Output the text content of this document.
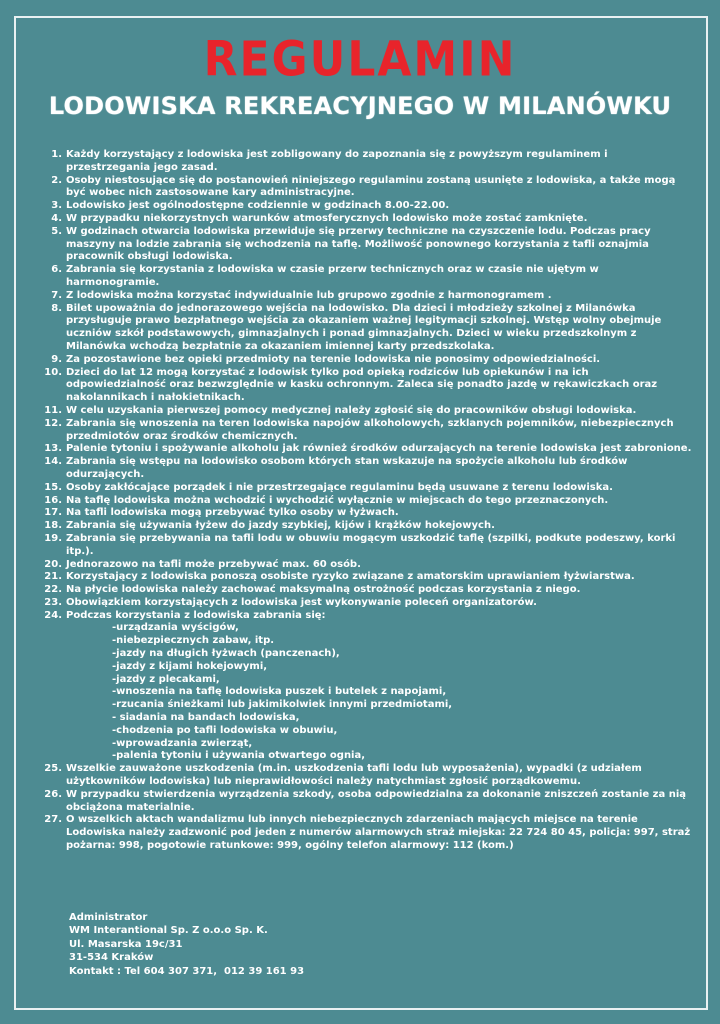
REGULAMIN
LODOWISKA REKREACYJNEGO W MILANÓWKU
1. Każdy korzystający z lodowiska jest zobligowany do zapoznania się z powyższym regulaminem i przestrzegania jego zasad.
2. Osoby niestosujące się do postanowień niniejszego regulaminu zostaną usunięte z lodowiska, a także mogą być wobec nich zastosowane kary administracyjne.
3. Lodowisko jest ogólnodostępne codziennie w godzinach 8.00-22.00.
4. W przypadku niekorzystnych warunków atmosferycznych lodowisko może zostać zamknięte.
5. W godzinach otwarcia lodowiska przewiduje się przerwy techniczne na czyszczenie lodu. Podczas pracy maszyny na lodzie zabrania się wchodzenia na taflę. Możliwość ponownego korzystania z tafli oznajmia pracownik obsługi lodowiska.
6. Zabrania się korzystania z lodowiska w czasie przerw technicznych oraz w czasie nie ujętym w harmonogramie.
7. Z lodowiska można korzystać indywidualnie lub grupowo zgodnie z harmonogramem .
8. Bilet upoważnia do jednorazowego wejścia na lodowisko. Dla dzieci i młodzieży szkolnej z Milanówka przysługuje prawo bezpłatnego wejścia za okazaniem ważnej legitymacji szkolnej. Wstęp wolny obejmuje uczniów szkół podstawowych, gimnazjalnych i ponad gimnazjalnych. Dzieci w wieku przedszkolnym z Milanówka wchodzą bezpłatnie za okazaniem imiennej karty przedszkolaka.
9. Za pozostawione bez opieki przedmioty na terenie lodowiska nie ponosimy odpowiedzialności.
10. Dzieci do lat 12 mogą korzystać z lodowisk tylko pod opieką rodziców lub opiekunów i na ich odpowiedzialność oraz bezwzględnie w kasku ochronnym. Zaleca się ponadto jazdę w rękawiczkach oraz nakolannikach i nałokietnikach.
11. W celu uzyskania pierwszej pomocy medycznej należy zgłosić się do pracowników obsługi lodowiska.
12. Zabrania się wnoszenia na teren lodowiska napojów alkoholowych, szklanych pojemników, niebezpiecznych przedmiotów oraz środków chemicznych.
13. Palenie tytoniu i spożywanie alkoholu jak również środków odurzających na terenie lodowiska jest zabronione.
14. Zabrania się wstępu na lodowisko osobom których stan wskazuje na spożycie alkoholu lub środków odurzających.
15. Osoby zakłócające porządek i nie przestrzegające regulaminu będą usuwane z terenu lodowiska.
16. Na taflę lodowiska można wchodzić i wychodzić wyłącznie w miejscach do tego przeznaczonych.
17. Na tafli lodowiska mogą przebywać tylko osoby w łyżwach.
18. Zabrania się używania łyżew do jazdy szybkiej, kijów i krążków hokejowych.
19. Zabrania się przebywania na tafli lodu w obuwiu mogącym uszkodzić taflę (szpilki, podkute podeszwy, korki itp.).
20. Jednorazowo na tafli może przebywać max. 60 osób.
21. Korzystający z lodowiska ponoszą osobiste ryzyko związane z amatorskim uprawianiem łyżwiarstwa.
22. Na płycie lodowiska należy zachować maksymalną ostrożność podczas korzystania z niego.
23. Obowiązkiem korzystających z lodowiska jest wykonywanie poleceń organizatorów.
24. Podczas korzystania z lodowiska zabrania się:
-urządzania wyścigów,
-niebezpiecznych zabaw, itp.
-jazdy na długich łyżwach (panczenach),
-jazdy z kijami hokejowymi,
-jazdy z plecakami,
-wnoszenia na taflę lodowiska puszek i butelek z napojami,
-rzucania śnieżkami lub jakimikolwiek innymi przedmiotami,
- siadania na bandach lodowiska,
-chodzenia po tafli lodowiska w obuwiu,
-wprowadzania zwierząt,
-palenia tytoniu i używania otwartego ognia,
25. Wszelkie zauważone uszkodzenia (m.in. uszkodzenia tafli lodu lub wyposażenia), wypadki (z udziałem użytkowników lodowiska) lub nieprawidłowości należy natychmiast zgłosić porządkowemu.
26. W przypadku stwierdzenia wyrządzenia szkody, osoba odpowiedzialna za dokonanie zniszczeń zostanie za nią obciążona materialnie.
27. O wszelkich aktach wandalizmu lub innych niebezpiecznych zdarzeniach mających miejsce na terenie Lodowiska należy zadzwonić pod jeden z numerów alarmowych straż miejska: 22 724 80 45, policja: 997, straż pożarna: 998, pogotowie ratunkowe: 999, ogólny telefon alarmowy: 112 (kom.)
Administrator
WM Interantional Sp. Z o.o.o Sp. K.
Ul. Masarska 19c/31
31-534 Kraków
Kontakt : Tel 604 307 371,  012 39 161 93
